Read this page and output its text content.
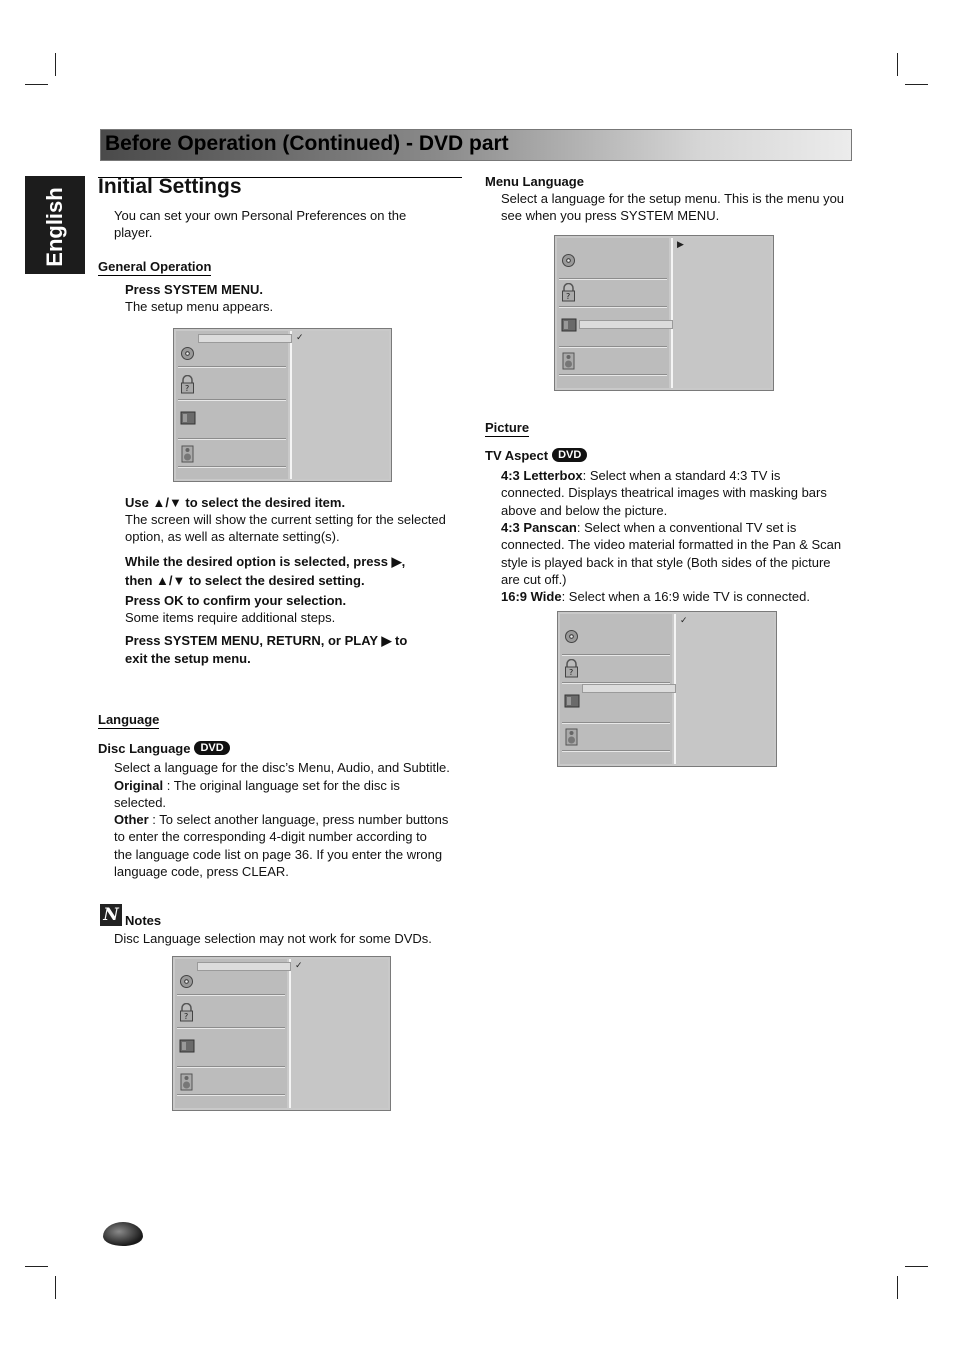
Before Operation (Continued) - DVD part
English
Initial Settings
You can set your own Personal Preferences on the
player.
General Operation
Press SYSTEM MENU.
The setup menu appears.
✓
?
Use ▲/▼ to select the desired item.
The screen will show the current setting for the selected
option, as well as alternate setting(s).
While the desired option is selected, press ▶,
then ▲/▼ to select the desired setting.
Press OK to confirm your selection.
Some items require additional steps.
Press SYSTEM MENU, RETURN, or PLAY ▶ to
exit the setup menu.
Language
Disc Language DVD
Select a language for the disc’s Menu, Audio, and Subtitle.
Original : The original language set for the disc is
selected.
Other : To select another language, press number buttons
to enter the corresponding 4-digit number according to
the language code list on page 36. If you enter the wrong
language code, press CLEAR.
N Notes
Disc Language selection may not work for some DVDs.
✓
?
Menu Language
Select a language for the setup menu. This is the menu you
see when you press SYSTEM MENU.
▶
?
Picture
TV Aspect DVD
4:3 Letterbox: Select when a standard 4:3 TV is
connected. Displays theatrical images with masking bars
above and below the picture.
4:3 Panscan: Select when a conventional TV set is
connected. The video material formatted in the Pan & Scan
style is played back in that style (Both sides of the picture
are cut off.)
16:9 Wide: Select when a 16:9 wide TV is connected.
✓
?
